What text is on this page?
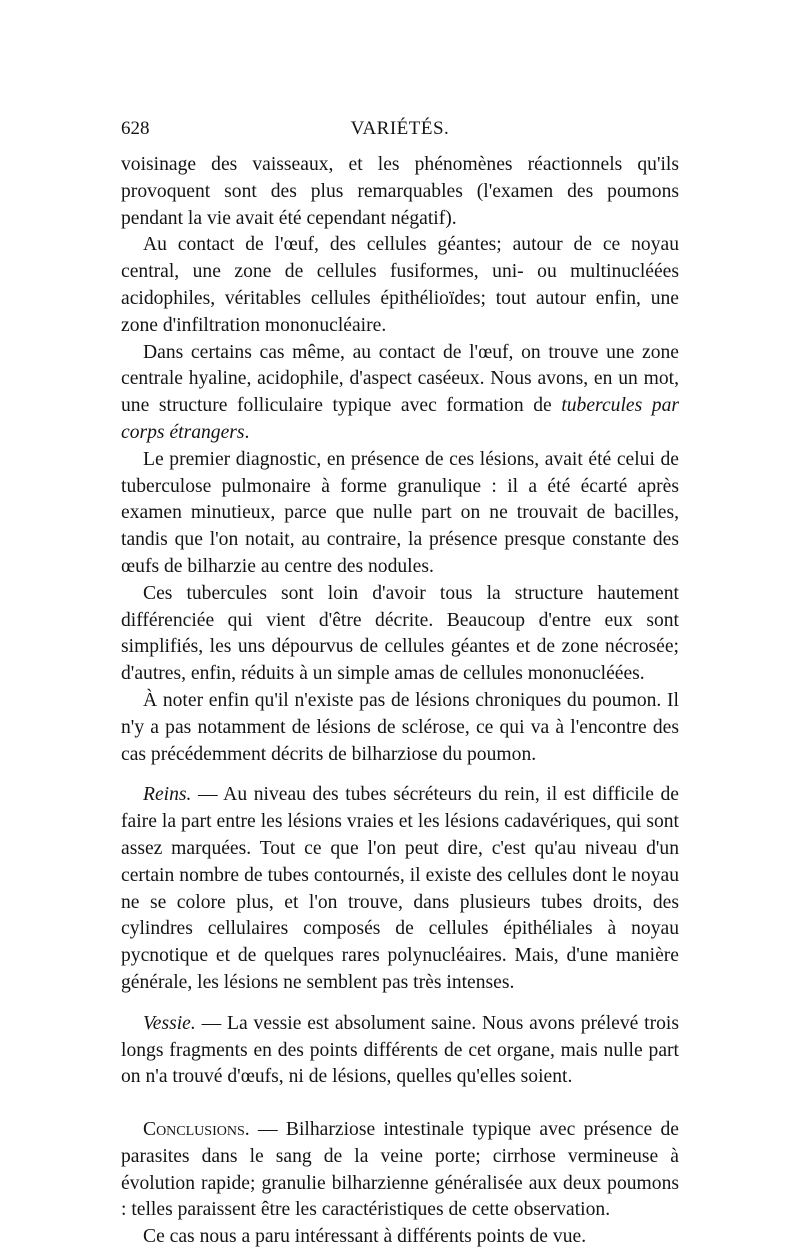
628	VARIÉTÉS.

voisinage des vaisseaux, et les phénomènes réactionnels qu'ils provoquent sont des plus remarquables (l'examen des poumons pendant la vie avait été cependant négatif).

Au contact de l'œuf, des cellules géantes; autour de ce noyau central, une zone de cellules fusiformes, uni- ou multinucléées acidophiles, véritables cellules épithélioïdes; tout autour enfin, une zone d'infiltration mononucléaire.

Dans certains cas même, au contact de l'œuf, on trouve une zone centrale hyaline, acidophile, d'aspect caséeux. Nous avons, en un mot, une structure folliculaire typique avec formation de tubercules par corps étrangers.

Le premier diagnostic, en présence de ces lésions, avait été celui de tuberculose pulmonaire à forme granulique : il a été écarté après examen minutieux, parce que nulle part on ne trouvait de bacilles, tandis que l'on notait, au contraire, la présence presque constante des œufs de bilharzie au centre des nodules.

Ces tubercules sont loin d'avoir tous la structure hautement différenciée qui vient d'être décrite. Beaucoup d'entre eux sont simplifiés, les uns dépourvus de cellules géantes et de zone nécrosée; d'autres, enfin, réduits à un simple amas de cellules mononucléées.

À noter enfin qu'il n'existe pas de lésions chroniques du poumon. Il n'y a pas notamment de lésions de sclérose, ce qui va à l'encontre des cas précédemment décrits de bilharziose du poumon.

Reins. — Au niveau des tubes sécréteurs du rein, il est difficile de faire la part entre les lésions vraies et les lésions cadavériques, qui sont assez marquées. Tout ce que l'on peut dire, c'est qu'au niveau d'un certain nombre de tubes contournés, il existe des cellules dont le noyau ne se colore plus, et l'on trouve, dans plusieurs tubes droits, des cylindres cellulaires composés de cellules épithéliales à noyau pycnotique et de quelques rares polynucléaires. Mais, d'une manière générale, les lésions ne semblent pas très intenses.

Vessie. — La vessie est absolument saine. Nous avons prélevé trois longs fragments en des points différents de cet organe, mais nulle part on n'a trouvé d'œufs, ni de lésions, quelles qu'elles soient.

Conclusions. — Bilharziose intestinale typique avec présence de parasites dans le sang de la veine porte; cirrhose vermineuse à évolution rapide; granulie bilharzienne généralisée aux deux poumons : telles paraissent être les caractéristiques de cette observation.

Ce cas nous a paru intéressant à différents points de vue.
